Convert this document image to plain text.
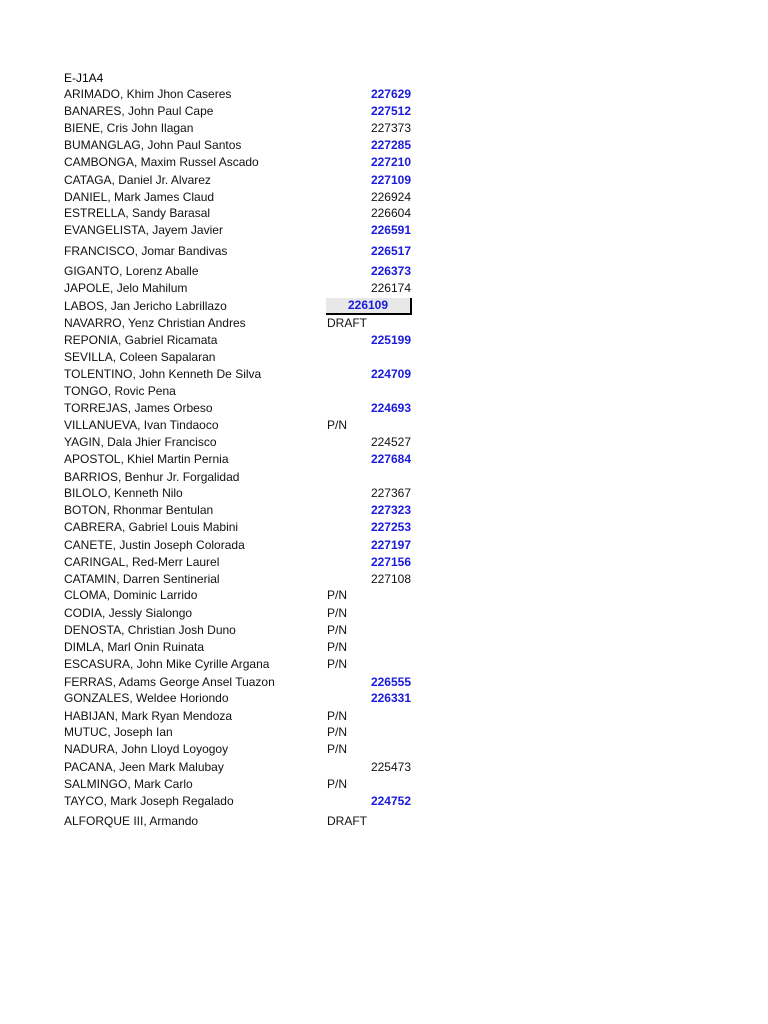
E-J1A4
ARIMADO, Khim Jhon Caseres	227629
BANARES, John Paul Cape	227512
BIENE, Cris John Ilagan	227373
BUMANGLAG, John Paul Santos	227285
CAMBONGA, Maxim Russel Ascado	227210
CATAGA, Daniel Jr. Alvarez	227109
DANIEL, Mark James Claud	226924
ESTRELLA, Sandy Barasal	226604
EVANGELISTA, Jayem Javier	226591
FRANCISCO, Jomar Bandivas	226517
GIGANTO, Lorenz Aballe	226373
JAPOLE, Jelo Mahilum	226174
LABOS, Jan Jericho Labrillazo	226109
NAVARRO, Yenz Christian Andres	DRAFT
REPONIA, Gabriel Ricamata	225199
SEVILLA, Coleen Sapalaran
TOLENTINO, John Kenneth De Silva	224709
TONGO, Rovic Pena
TORREJAS, James Orbeso	224693
VILLANUEVA, Ivan Tindaoco	P/N
YAGIN, Dala Jhier Francisco	224527
APOSTOL, Khiel Martin Pernia	227684
BARRIOS, Benhur Jr. Forgalidad
BILOLO, Kenneth Nilo	227367
BOTON, Rhonmar Bentulan	227323
CABRERA, Gabriel Louis Mabini	227253
CANETE, Justin Joseph Colorada	227197
CARINGAL, Red-Merr Laurel	227156
CATAMIN, Darren Sentinerial	227108
CLOMA, Dominic Larrido	P/N
CODIA, Jessly Sialongo	P/N
DENOSTA, Christian Josh Duno	P/N
DIMLA, Marl Onin Ruinata	P/N
ESCASURA, John Mike Cyrille Argana	P/N
FERRAS, Adams George Ansel Tuazon	226555
GONZALES, Weldee Horiondo	226331
HABIJAN, Mark Ryan Mendoza	P/N
MUTUC, Joseph Ian	P/N
NADURA, John Lloyd Loyogoy	P/N
PACANA, Jeen Mark Malubay	225473
SALMINGO, Mark Carlo	P/N
TAYCO, Mark Joseph Regalado	224752
ALFORQUE III, Armando	DRAFT
